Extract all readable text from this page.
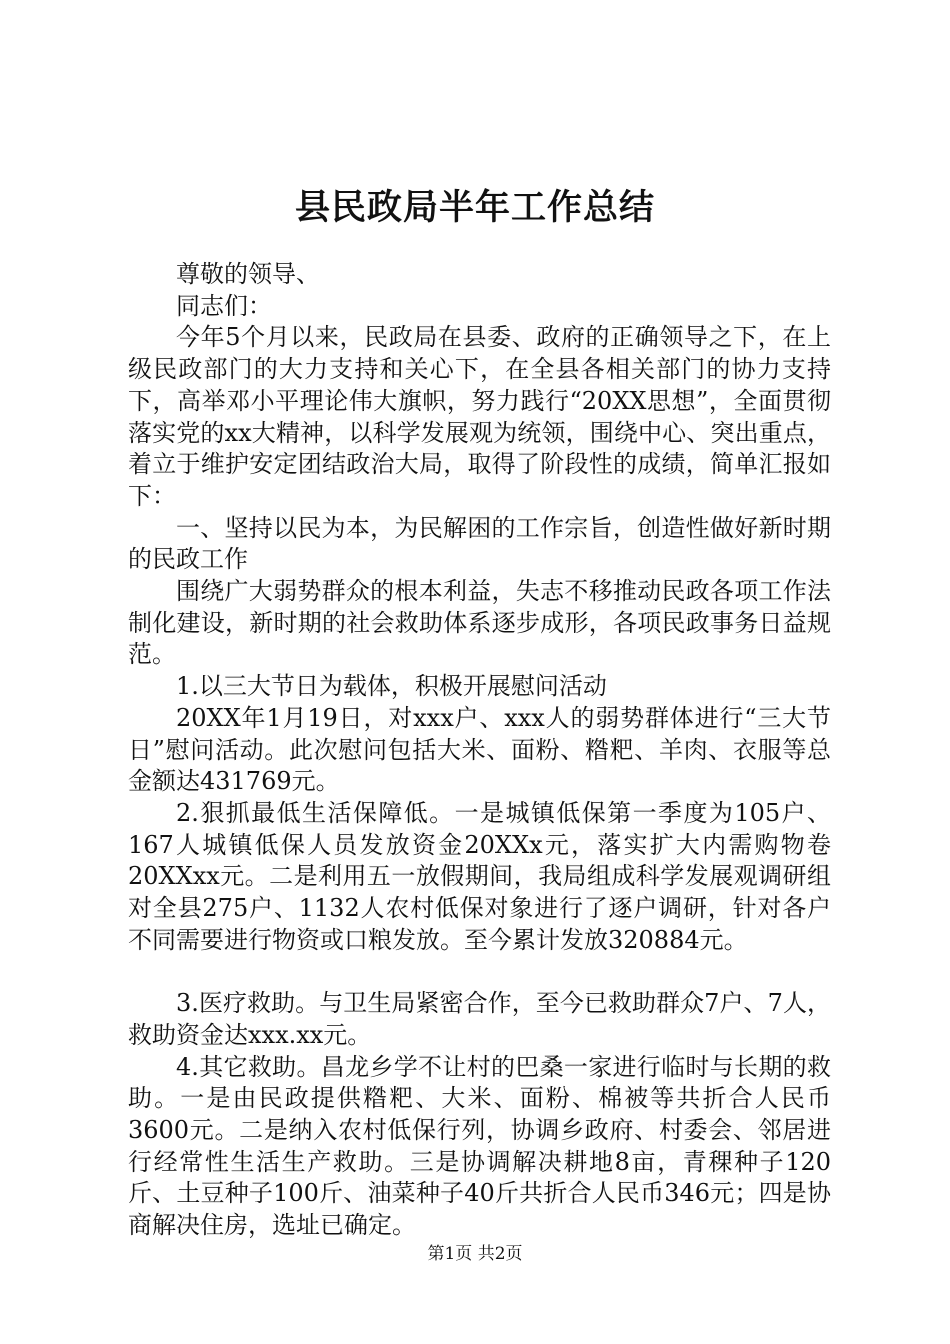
县民政局半年工作总结

尊敬的领导、

同志们：

今年5个月以来，民政局在县委、政府的正确领导之下，在上级民政部门的大力支持和关心下，在全县各相关部门的协力支持下，高举邓小平理论伟大旗帜，努力践行“20XX思想”，全面贯彻落实党的xx大精神，以科学发展观为统领，围绕中心、突出重点，着立于维护安定团结政治大局，取得了阶段性的成绩，简单汇报如下：

一、坚持以民为本，为民解困的工作宗旨，创造性做好新时期的民政工作

围绕广大弱势群众的根本利益，失志不移推动民政各项工作法制化建设，新时期的社会救助体系逐步成形，各项民政事务日益规范。

1.以三大节日为载体，积极开展慰问活动

20XX年1月19日，对xxx户、xxx人的弱势群体进行“三大节日”慰问活动。此次慰问包括大米、面粉、糌粑、羊肉、衣服等总金额达431769元。

2.狠抓最低生活保障低。一是城镇低保第一季度为105户、167人城镇低保人员发放资金20XXx元，落实扩大内需购物卷20XXxx元。二是利用五一放假期间，我局组成科学发展观调研组对全县275户、1132人农村低保对象进行了逐户调研，针对各户不同需要进行物资或口粮发放。至今累计发放320884元。

3.医疗救助。与卫生局紧密合作，至今已救助群众7户、7人，救助资金达xxx.xx元。

4.其它救助。昌龙乡学不让村的巴桑一家进行临时与长期的救助。一是由民政提供糌粑、大米、面粉、棉被等共折合人民币3600元。二是纳入农村低保行列，协调乡政府、村委会、邻居进行经常性生活生产救助。三是协调解决耕地8亩，青稞种子120斤、土豆种子100斤、油菜种子40斤共折合人民币346元；四是协商解决住房，选址已确定。

第1页 共2页
